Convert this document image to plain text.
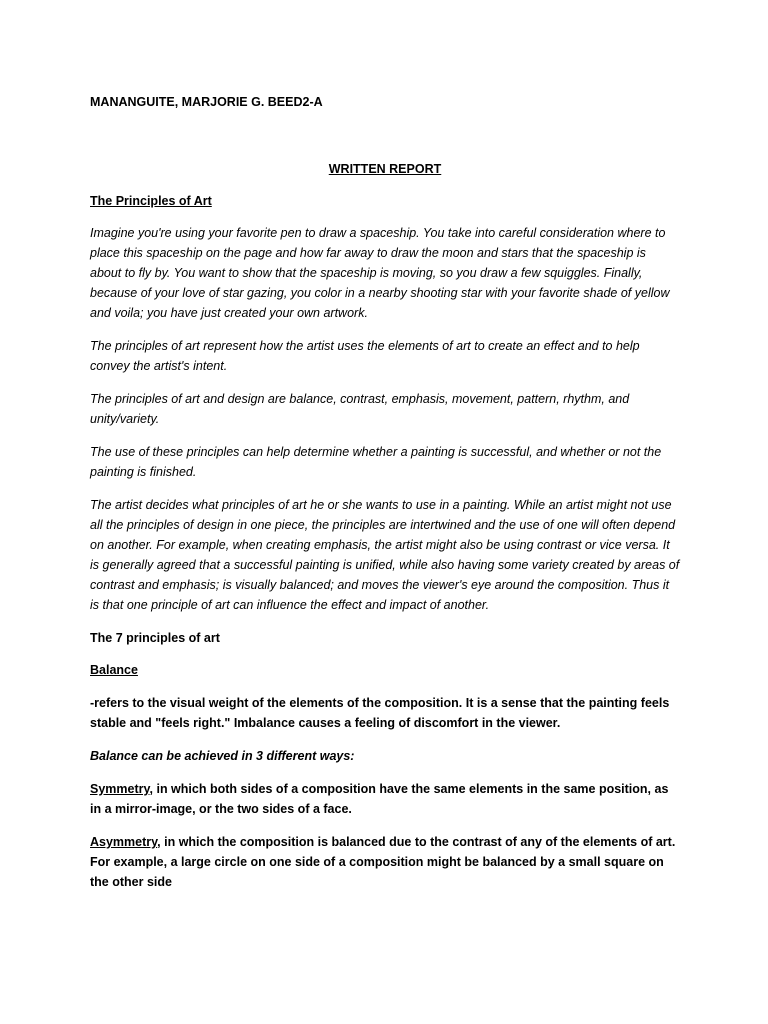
MANANGUITE, MARJORIE G. BEED2-A

WRITTEN REPORT

The Principles of Art

Imagine you're using your favorite pen to draw a spaceship. You take into careful consideration where to place this spaceship on the page and how far away to draw the moon and stars that the spaceship is about to fly by. You want to show that the spaceship is moving, so you draw a few squiggles. Finally, because of your love of star gazing, you color in a nearby shooting star with your favorite shade of yellow and voila; you have just created your own artwork.

The principles of art represent how the artist uses the elements of art to create an effect and to help convey the artist's intent.

The principles of art and design are balance, contrast, emphasis, movement, pattern, rhythm, and unity/variety.

The use of these principles can help determine whether a painting is successful, and whether or not the painting is finished.

The artist decides what principles of art he or she wants to use in a painting. While an artist might not use all the principles of design in one piece, the principles are intertwined and the use of one will often depend on another. For example, when creating emphasis, the artist might also be using contrast or vice versa. It is generally agreed that a successful painting is unified, while also having some variety created by areas of contrast and emphasis; is visually balanced; and moves the viewer's eye around the composition. Thus it is that one principle of art can influence the effect and impact of another.

The 7 principles of art

Balance

-refers to the visual weight of the elements of the composition. It is a sense that the painting feels stable and "feels right." Imbalance causes a feeling of discomfort in the viewer.

Balance can be achieved in 3 different ways:

Symmetry, in which both sides of a composition have the same elements in the same position, as in a mirror-image, or the two sides of a face.

Asymmetry, in which the composition is balanced due to the contrast of any of the elements of art. For example, a large circle on one side of a composition might be balanced by a small square on the other side
